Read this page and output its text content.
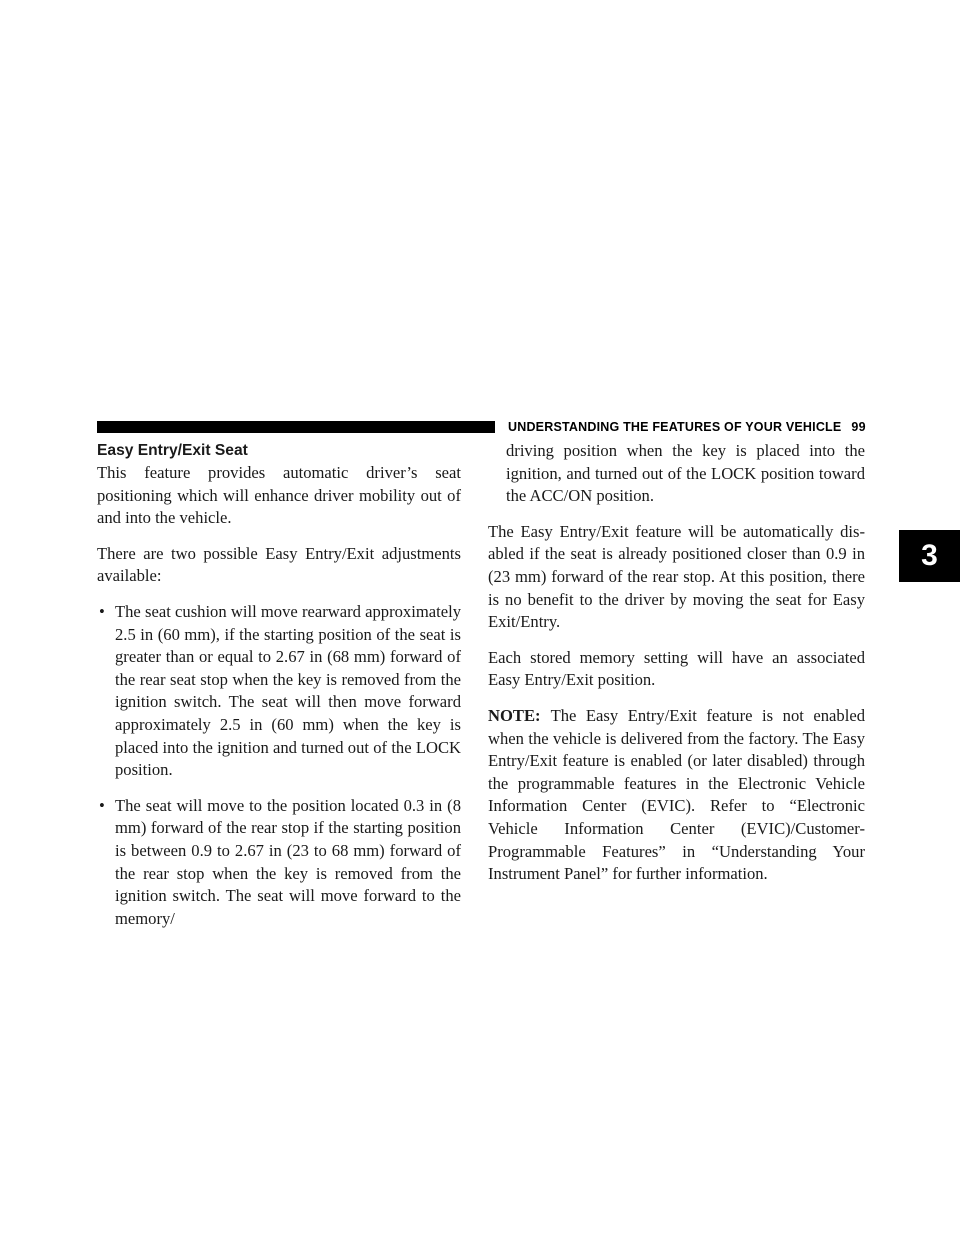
UNDERSTANDING THE FEATURES OF YOUR VEHICLE 99
3
Easy Entry/Exit Seat

This feature provides automatic driver’s seat positioning which will enhance driver mobility out of and into the vehicle.

There are two possible Easy Entry/Exit adjustments available:

• The seat cushion will move rearward approximately 2.5 in (60 mm), if the starting position of the seat is greater than or equal to 2.67 in (68 mm) forward of the rear seat stop when the key is removed from the ignition switch. The seat will then move forward approximately 2.5 in (60 mm) when the key is placed into the ignition and turned out of the LOCK position.
• The seat will move to the position located 0.3 in (8 mm) forward of the rear stop if the starting position is between 0.9 to 2.67 in (23 to 68 mm) forward of the rear stop when the key is removed from the ignition switch. The seat will move forward to the memory/

driving position when the key is placed into the ignition, and turned out of the LOCK position toward the ACC/ON position.

The Easy Entry/Exit feature will be automatically dis-abled if the seat is already positioned closer than 0.9 in (23 mm) forward of the rear stop. At this position, there is no benefit to the driver by moving the seat for Easy Exit/Entry.

Each stored memory setting will have an associated Easy Entry/Exit position.

NOTE: The Easy Entry/Exit feature is not enabled when the vehicle is delivered from the factory. The Easy Entry/Exit feature is enabled (or later disabled) through the programmable features in the Electronic Vehicle Information Center (EVIC). Refer to “Electronic Vehicle Information Center (EVIC)/Customer-Programmable Features” in “Understanding Your Instrument Panel” for further information.
